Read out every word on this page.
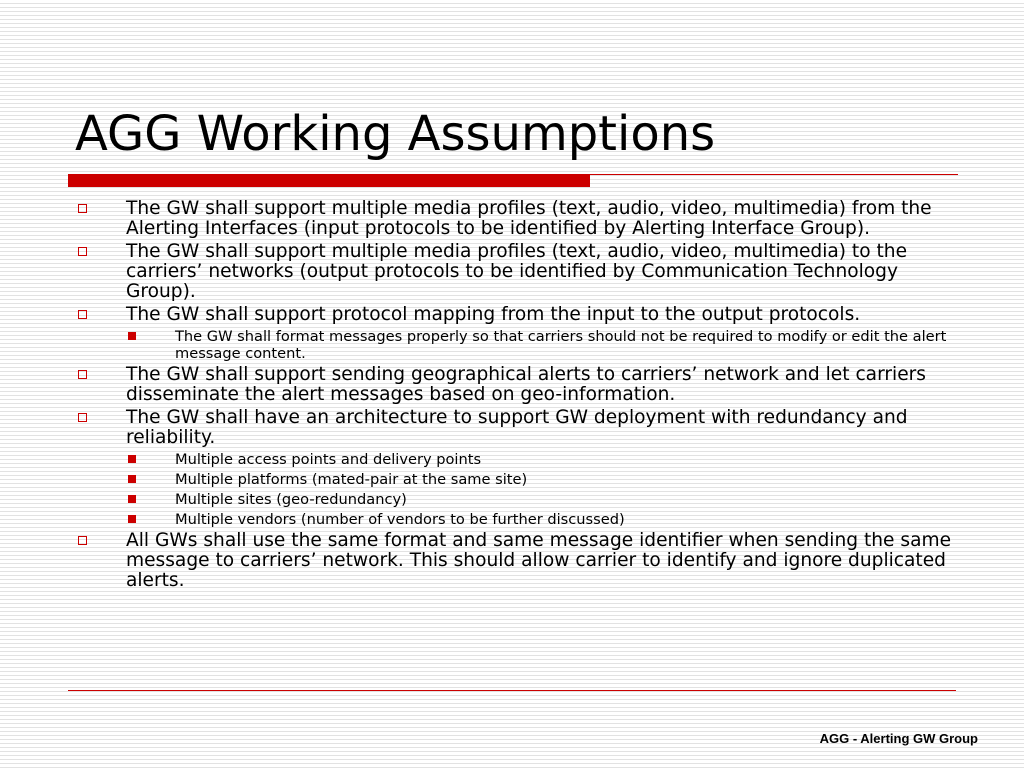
AGG Working Assumptions
The GW shall support multiple media profiles (text, audio, video, multimedia) from the Alerting Interfaces (input protocols to be identified by Alerting Interface Group).
The GW shall support multiple media profiles (text, audio, video, multimedia) to the carriers’ networks (output protocols to be identified by Communication Technology Group).
The GW shall support protocol mapping from the input to the output protocols.
The GW shall format messages properly so that carriers should not be required to modify or edit the alert message content.
The GW shall support sending geographical alerts to carriers’ network and let carriers disseminate the alert messages based on geo-information.
The GW shall have an architecture to support GW deployment with redundancy and reliability.
Multiple access points and delivery points
Multiple platforms (mated-pair at the same site)
Multiple sites (geo-redundancy)
Multiple vendors (number of vendors to be further discussed)
All GWs shall use the same format and same message identifier when sending the same message to carriers’ network. This should allow carrier to identify and ignore duplicated alerts.
AGG - Alerting GW Group
